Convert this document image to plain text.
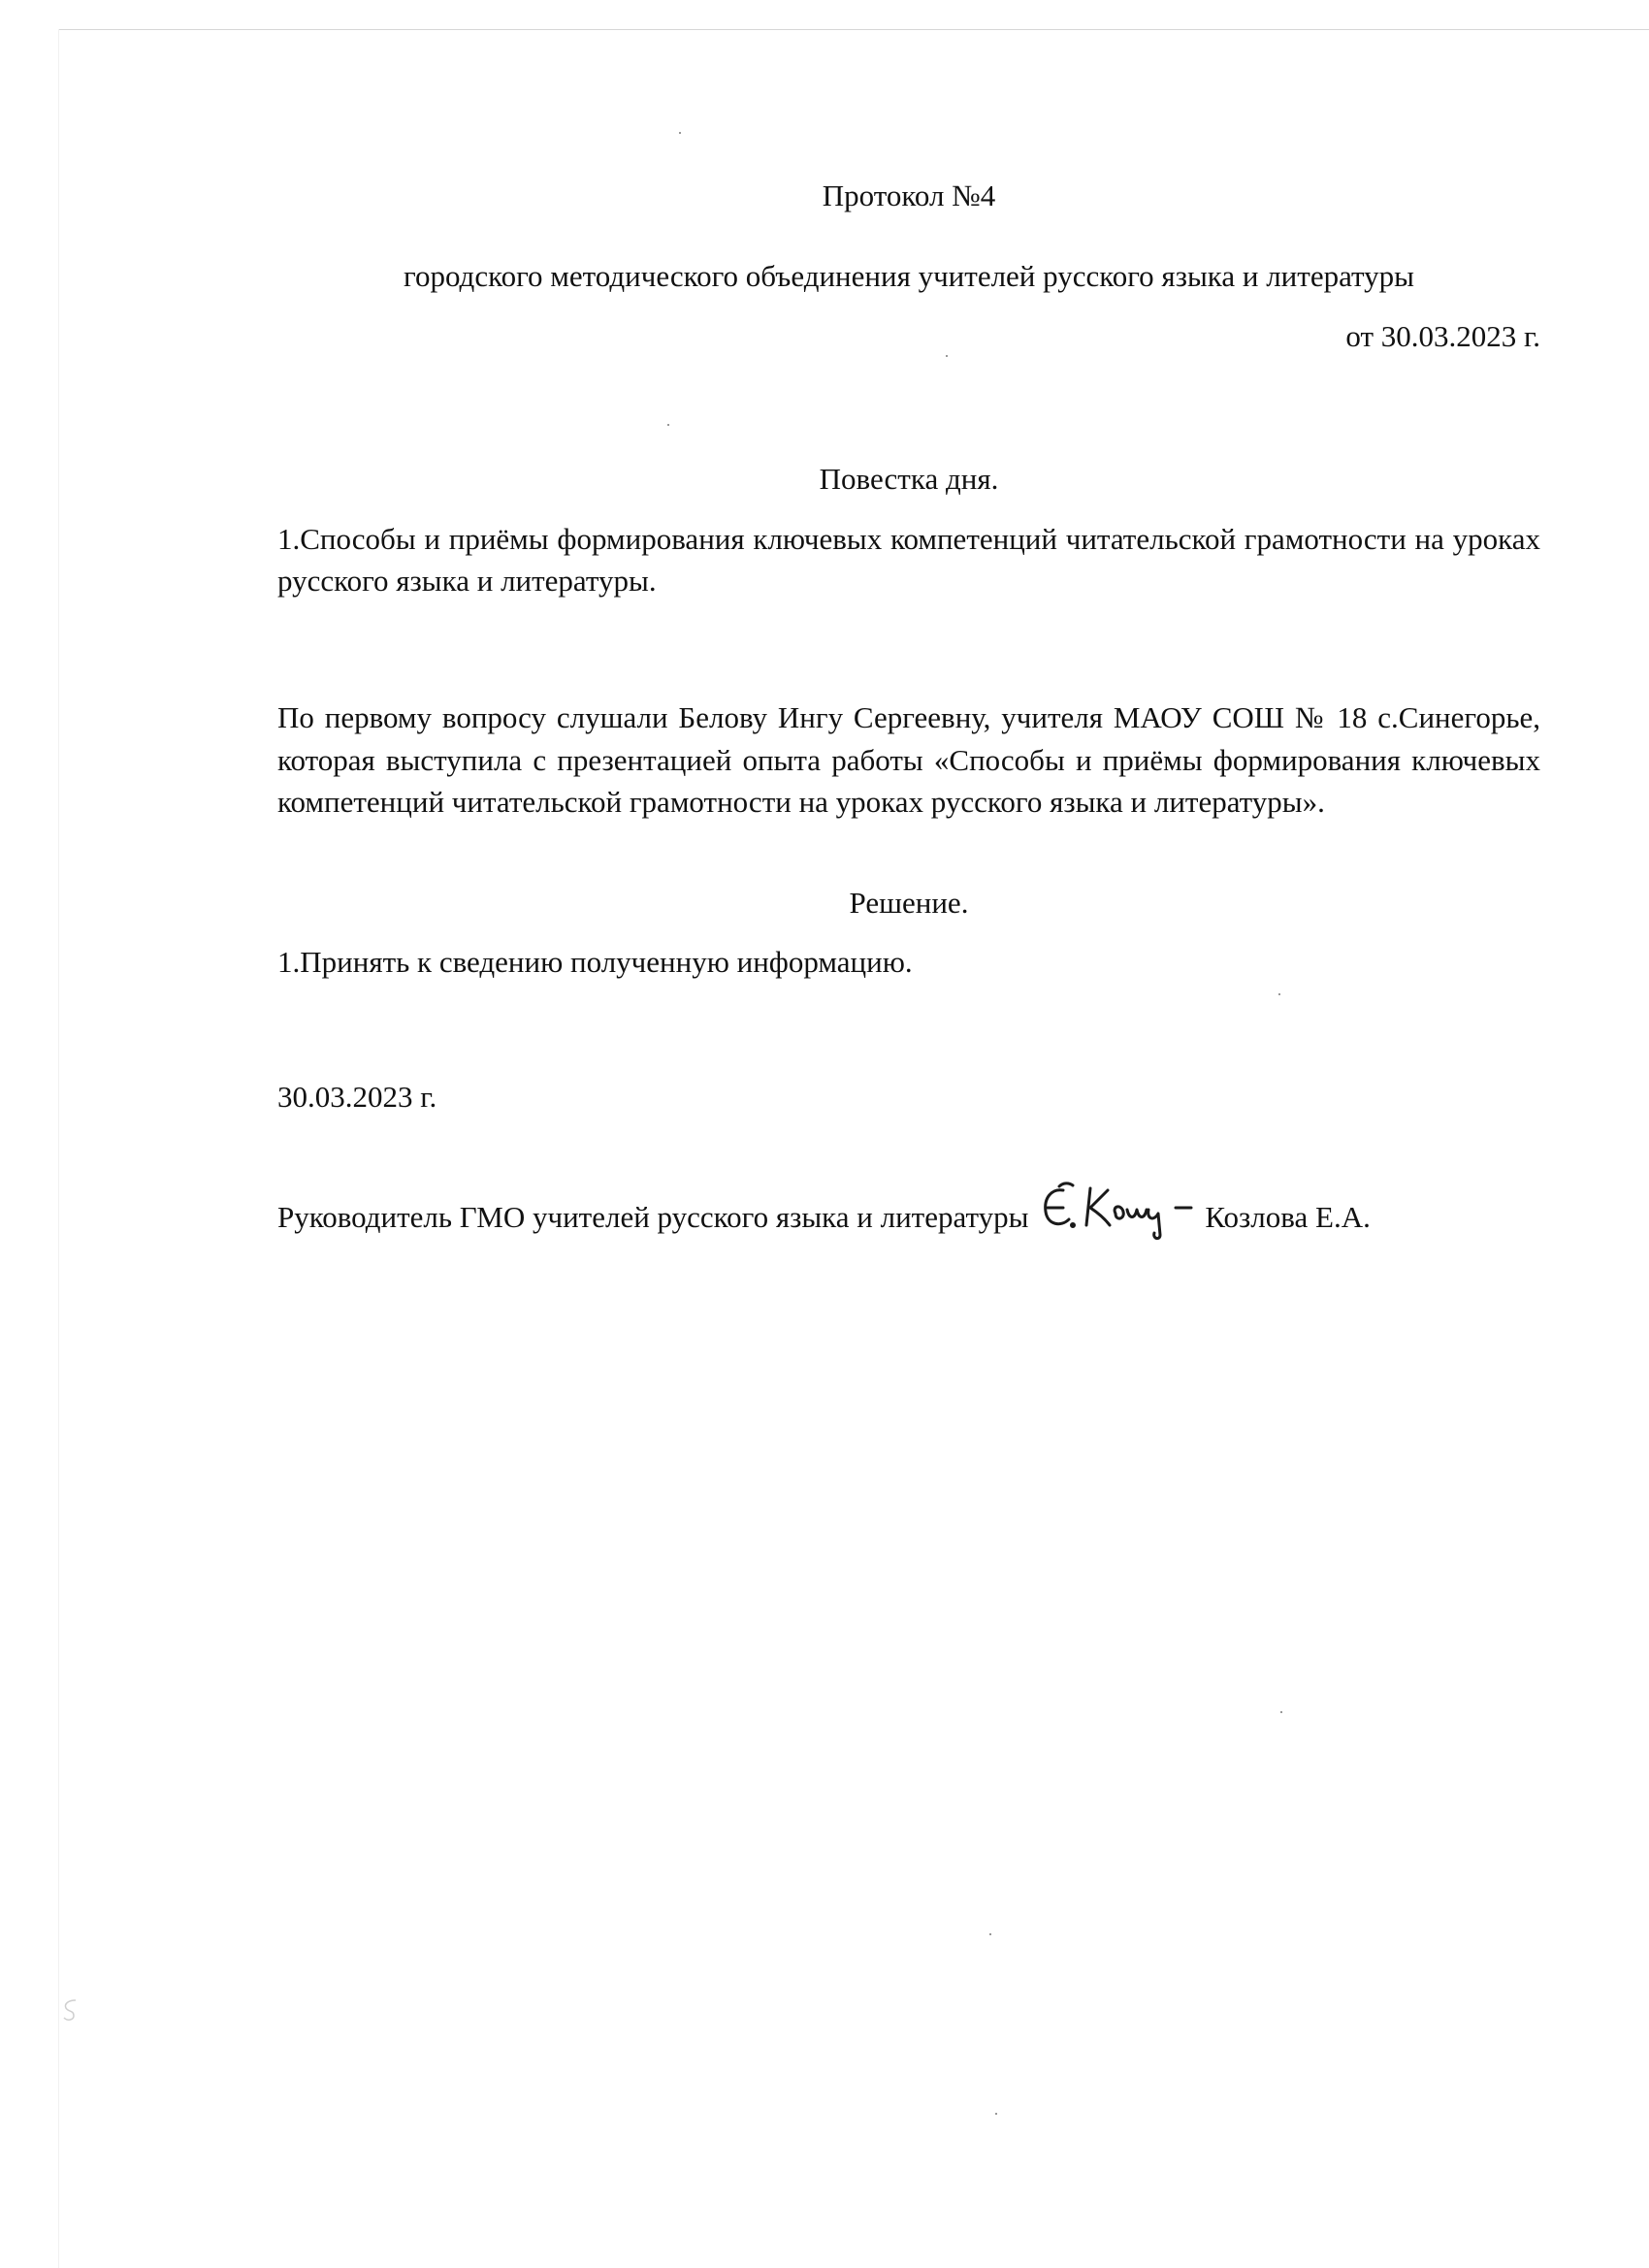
Протокол №4

городского методического объединения учителей русского языка и литературы

от 30.03.2023 г.

Повестка дня.

1.Способы и приёмы формирования ключевых компетенций читательской грамотности на уроках русского языка и литературы.

По первому вопросу слушали Белову Ингу Сергеевну, учителя МАОУ СОШ № 18 с.Синегорье, которая выступила с презентацией опыта работы «Способы и приёмы формирования ключевых компетенций читательской грамотности на уроках русского языка и литературы».

Решение.

1.Принять к сведению полученную информацию.

30.03.2023 г.

Руководитель ГМО учителей русского языка и литературы	Козлова Е.А.
